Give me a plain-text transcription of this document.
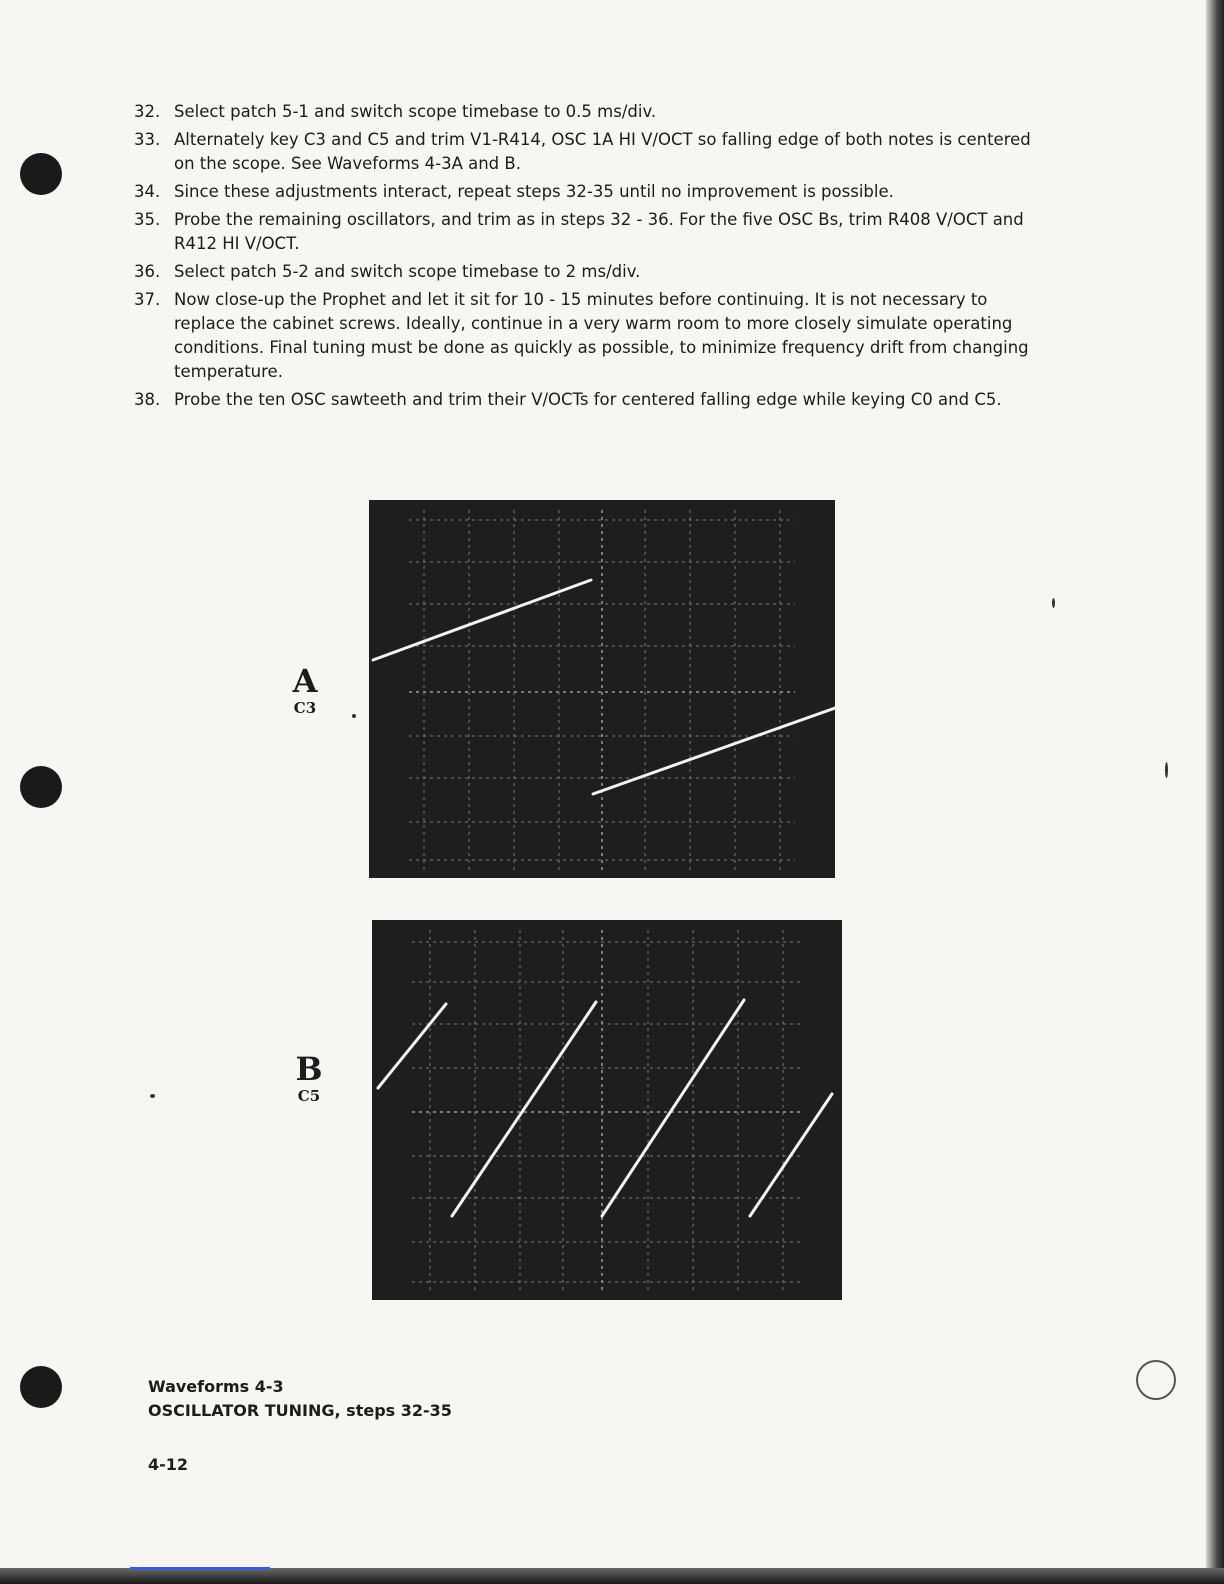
32. Select patch 5-1 and switch scope timebase to 0.5 ms/div.
33. Alternately key C3 and C5 and trim V1-R414, OSC 1A HI V/OCT so falling edge of both notes is centered on the scope. See Waveforms 4-3A and B.
34. Since these adjustments interact, repeat steps 32-35 until no improvement is possible.
35. Probe the remaining oscillators, and trim as in steps 32 - 36. For the five OSC Bs, trim R408 V/OCT and R412 HI V/OCT.
36. Select patch 5-2 and switch scope timebase to 2 ms/div.
37. Now close-up the Prophet and let it sit for 10 - 15 minutes before continuing. It is not necessary to replace the cabinet screws. Ideally, continue in a very warm room to more closely simulate operating conditions. Final tuning must be done as quickly as possible, to minimize frequency drift from changing temperature.
38. Probe the ten OSC sawteeth and trim their V/OCTs for centered falling edge while keying C0 and C5.
A
C3
B
C5
Waveforms 4-3
OSCILLATOR TUNING, steps 32-35
4-12
